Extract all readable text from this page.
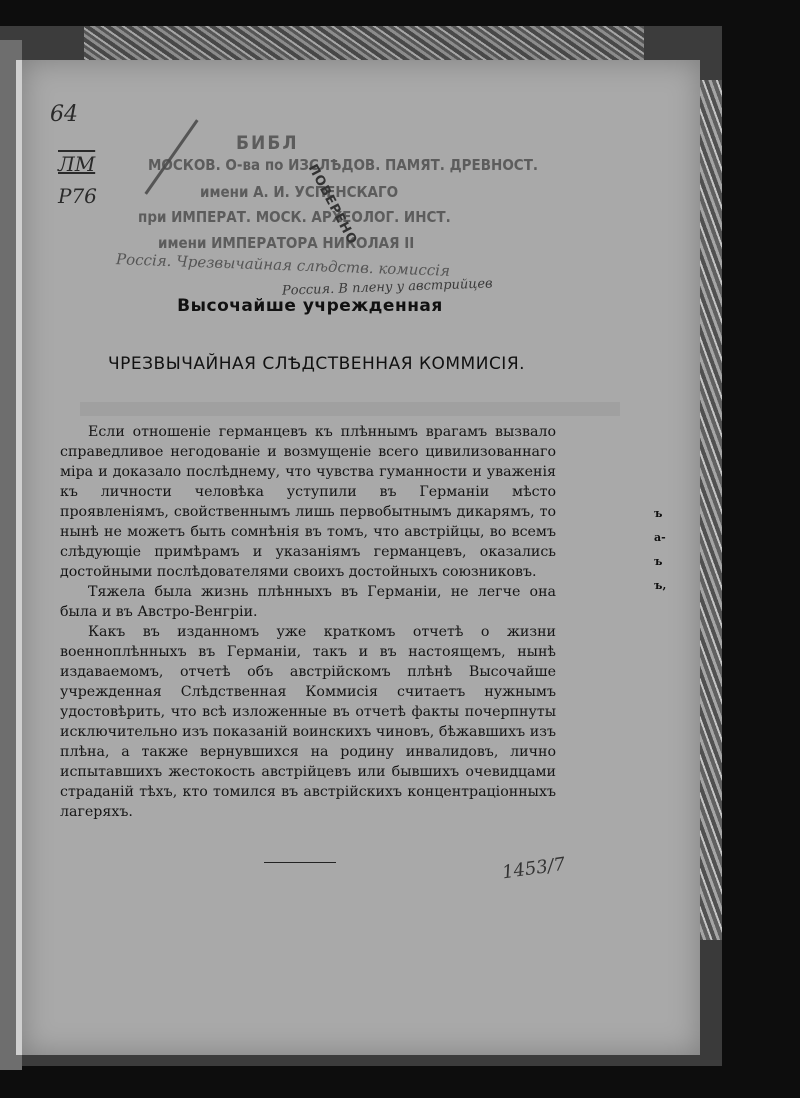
ъ
а-
ъ
ъ,
64
ЛМ
Р76
БИБЛ
МОСКОВ. О-ва по ИЗСЛѢДОВ. ПАМЯТ. ДРЕВНОСТ.
имени А. И. УСПЕНСКАГО
при ИМПЕРАТ. МОСК. АРХЕОЛОГ. ИНСТ.
имени ИМПЕРАТОРА НИКОЛАЯ II
ПОВЕРЕНО
Россія. Чрезвычайная слѣдств. комиссія
Россия. В плену у австрийцев
Высочайше учрежденная
ЧРЕЗВЫЧАЙНАЯ СЛѢДСТВЕННАЯ КОММИСІЯ.

Если отношеніе германцевъ къ плѣннымъ врагамъ вызвало справедливое негодованіе и возмущеніе всего цивилизованнаго міра и доказало послѣднему, что чувства гуманности и уваженія къ личности человѣка уступили въ Германіи мѣсто проявленіямъ, свойственнымъ лишь первобытнымъ дикарямъ, то нынѣ не можетъ быть сомнѣнія въ томъ, что австрійцы, во всемъ слѣдующіе примѣрамъ и указаніямъ германцевъ, оказались достойными послѣдователями своихъ достойныхъ союзниковъ.

Тяжела была жизнь плѣнныхъ въ Германіи, не легче она была и въ Австро-Венгріи.

Какъ въ изданномъ уже краткомъ отчетѣ о жизни военноплѣнныхъ въ Германіи, такъ и въ настоящемъ, нынѣ издаваемомъ, отчетѣ объ австрійскомъ плѣнѣ Высочайше учрежденная Слѣдственная Коммисія считаетъ нужнымъ удостовѣрить, что всѣ изложенные въ отчетѣ факты почерпнуты исключительно изъ показаній воинскихъ чиновъ, бѣжавшихъ изъ плѣна, а также вернувшихся на родину инвалидовъ, лично испытавшихъ жестокость австрійцевъ или бывшихъ очевидцами страданій тѣхъ, кто томился въ австрійскихъ концентраціонныхъ лагеряхъ.

1453/7
